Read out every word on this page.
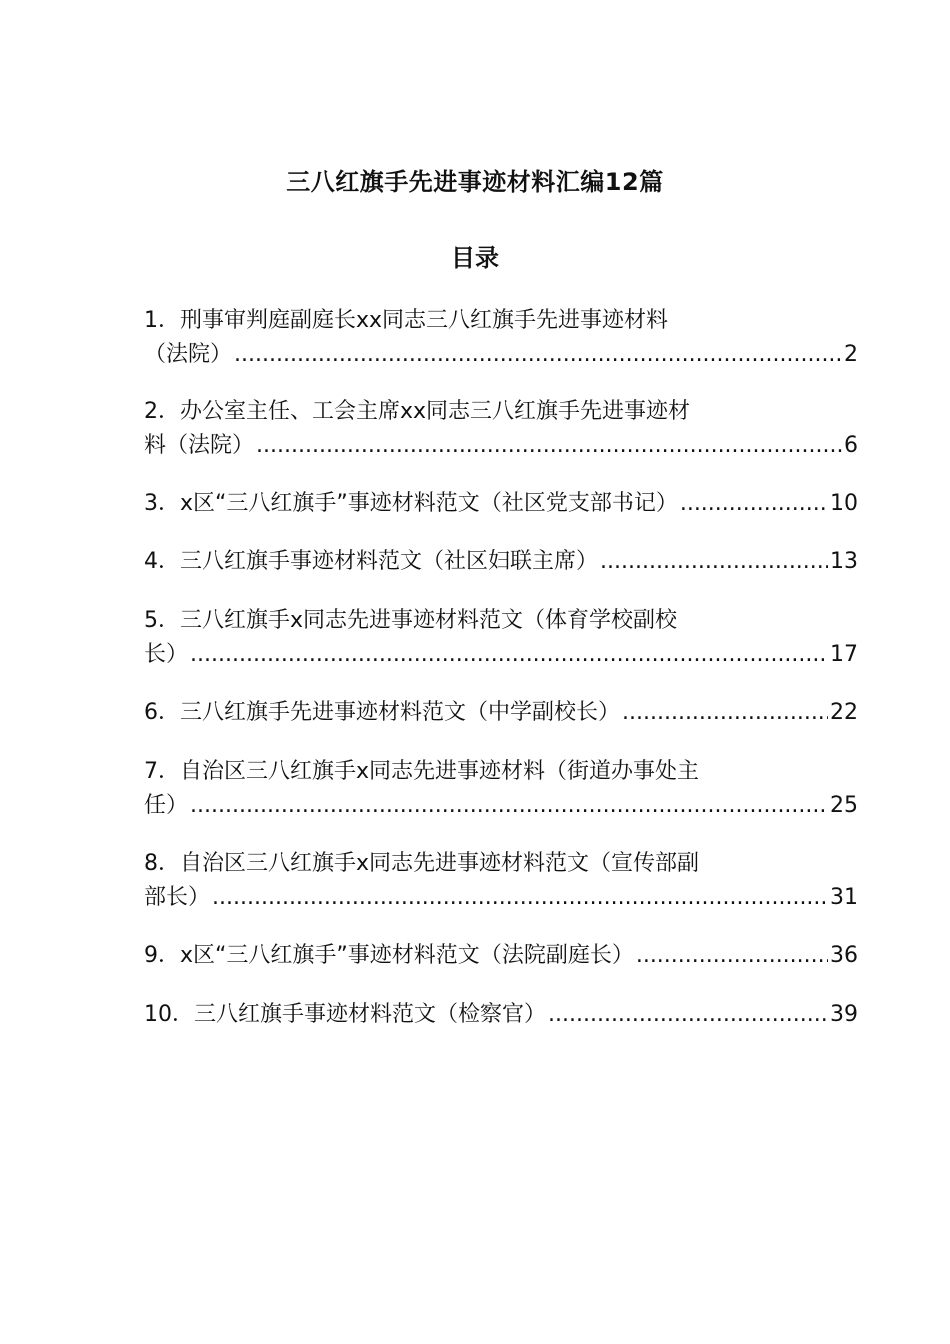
三八红旗手先进事迹材料汇编12篇
目录
1．刑事审判庭副庭长xx同志三八红旗手先进事迹材料
（法院） .....	2
2．办公室主任、工会主席xx同志三八红旗手先进事迹材
料（法院） .....	6
3．x区“三八红旗手”事迹材料范文（社区党支部书记） .....	10
4．三八红旗手事迹材料范文（社区妇联主席） .....	13
5．三八红旗手x同志先进事迹材料范文（体育学校副校
长） .....	17
6．三八红旗手先进事迹材料范文（中学副校长） .....	22
7．自治区三八红旗手x同志先进事迹材料（街道办事处主
任） .....	25
8．自治区三八红旗手x同志先进事迹材料范文（宣传部副
部长） .....	31
9．x区“三八红旗手”事迹材料范文（法院副庭长） .....	36
10．三八红旗手事迹材料范文（检察官） .....	39
